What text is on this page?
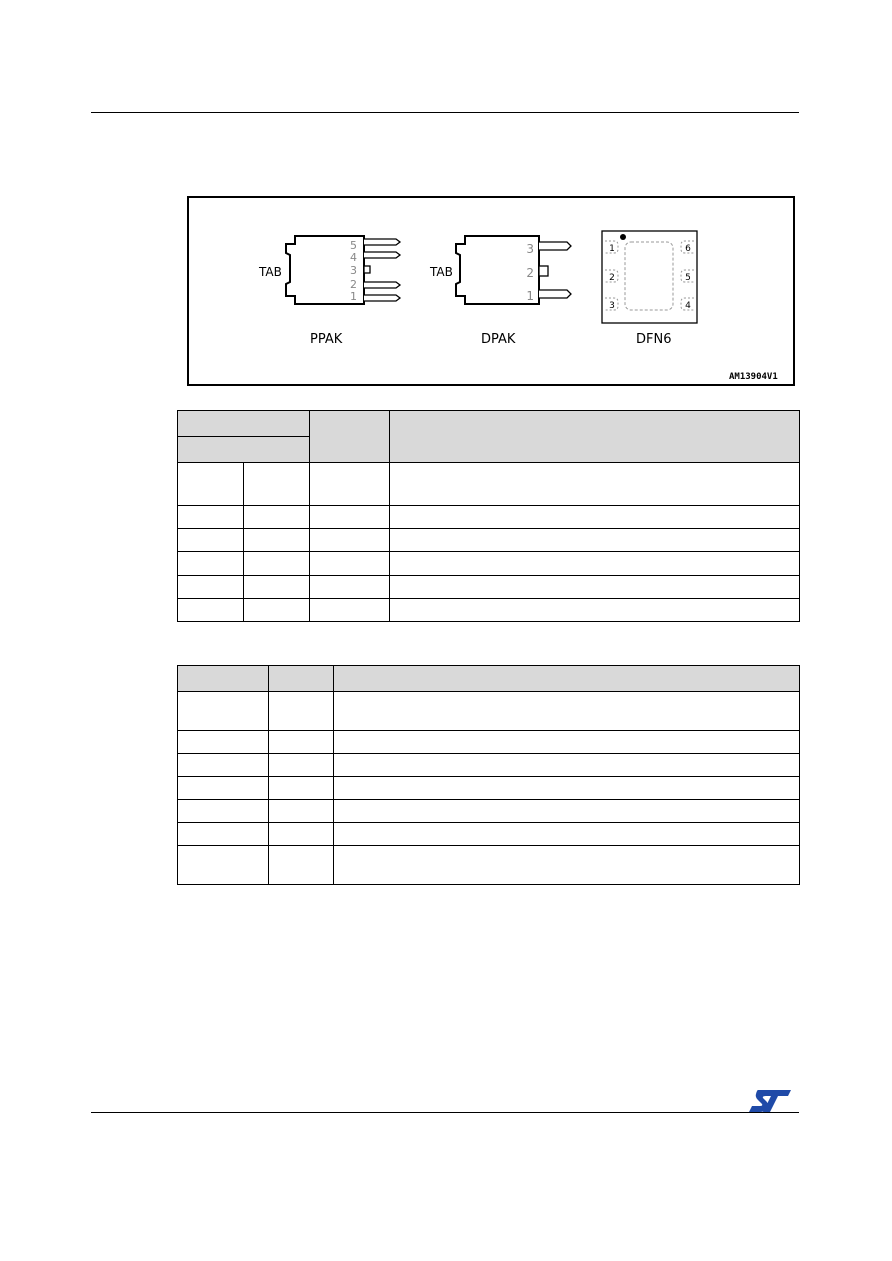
5
4
3
2
1
TAB
PPAK
3
2
1
TAB
DPAK
1
2
3
6
5
4
DFN6
AM13904V1
